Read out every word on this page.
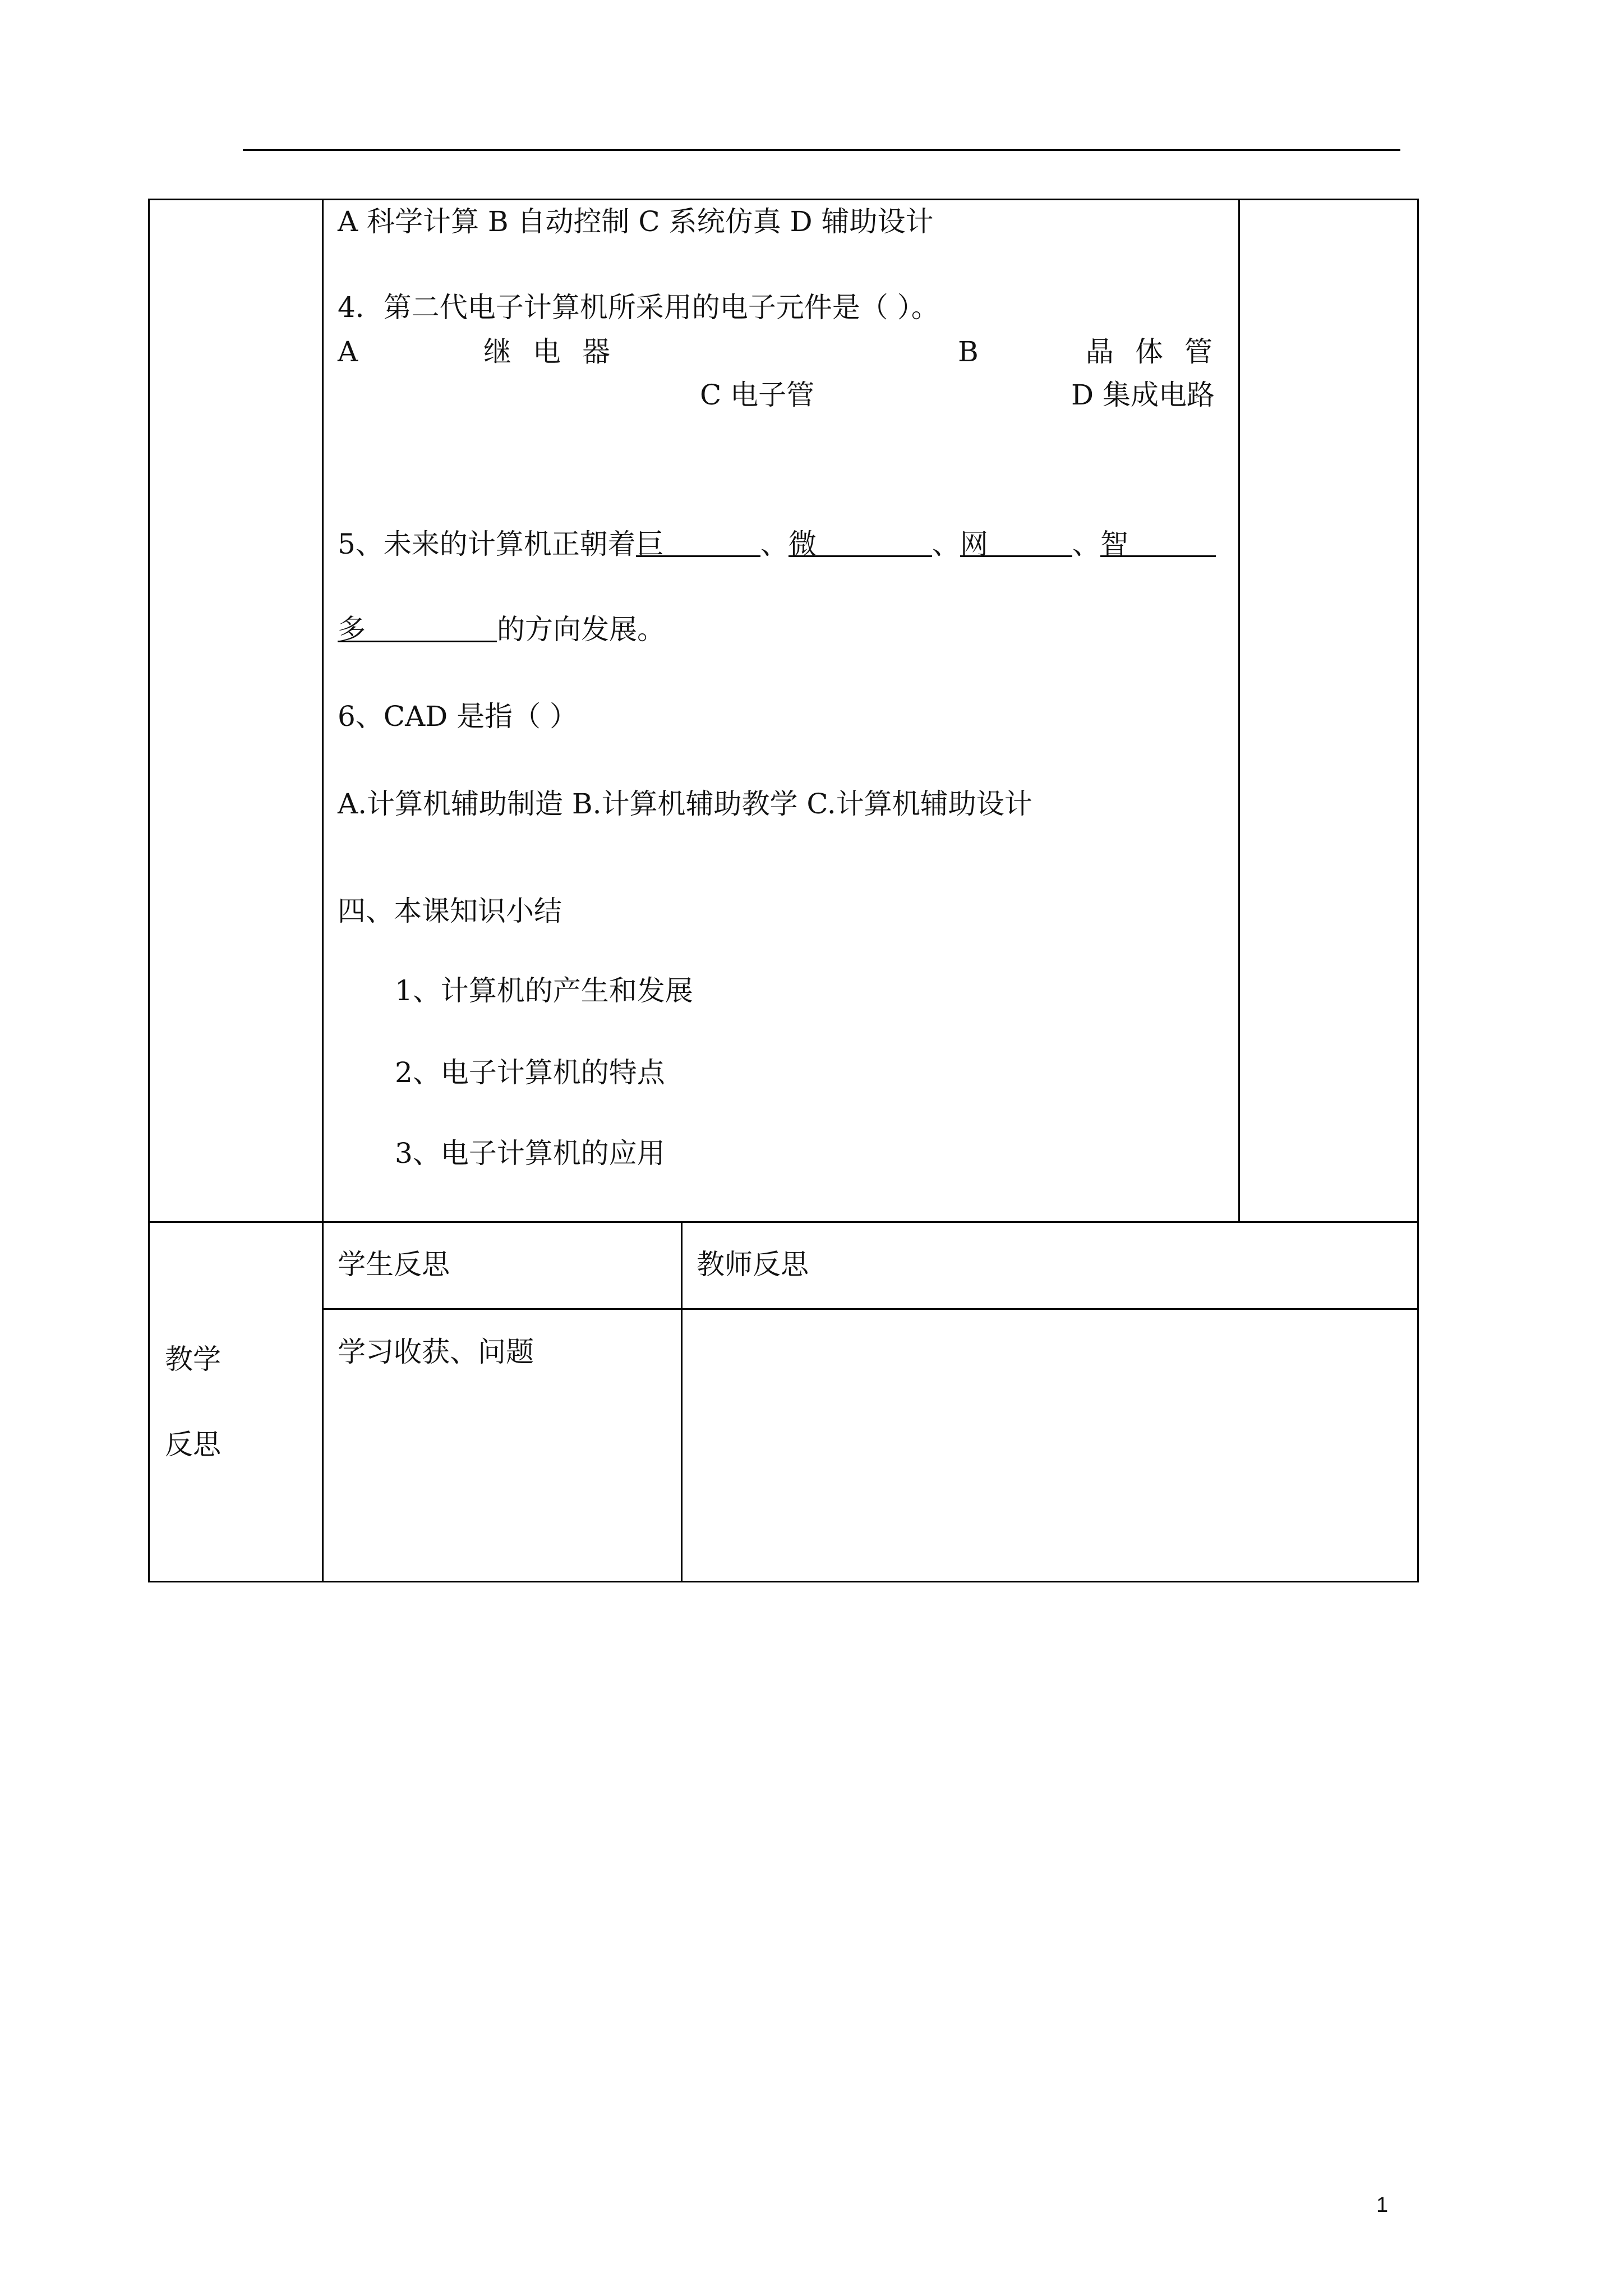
A 科学计算 B 自动控制 C 系统仿真 D 辅助设计
4．第二代电子计算机所采用的电子元件是（ ）。
A	继电器	B	晶体管
C 电子管	D 集成电路
5、未来的计算机正朝着巨	、微	、网	、智
多	的方向发展。
6、CAD 是指（ ）
A.计算机辅助制造 B.计算机辅助教学 C.计算机辅助设计
四、本课知识小结
1、计算机的产生和发展
2、电子计算机的特点
3、电子计算机的应用
学生反思	教师反思
教学
反思
学习收获、问题
1
